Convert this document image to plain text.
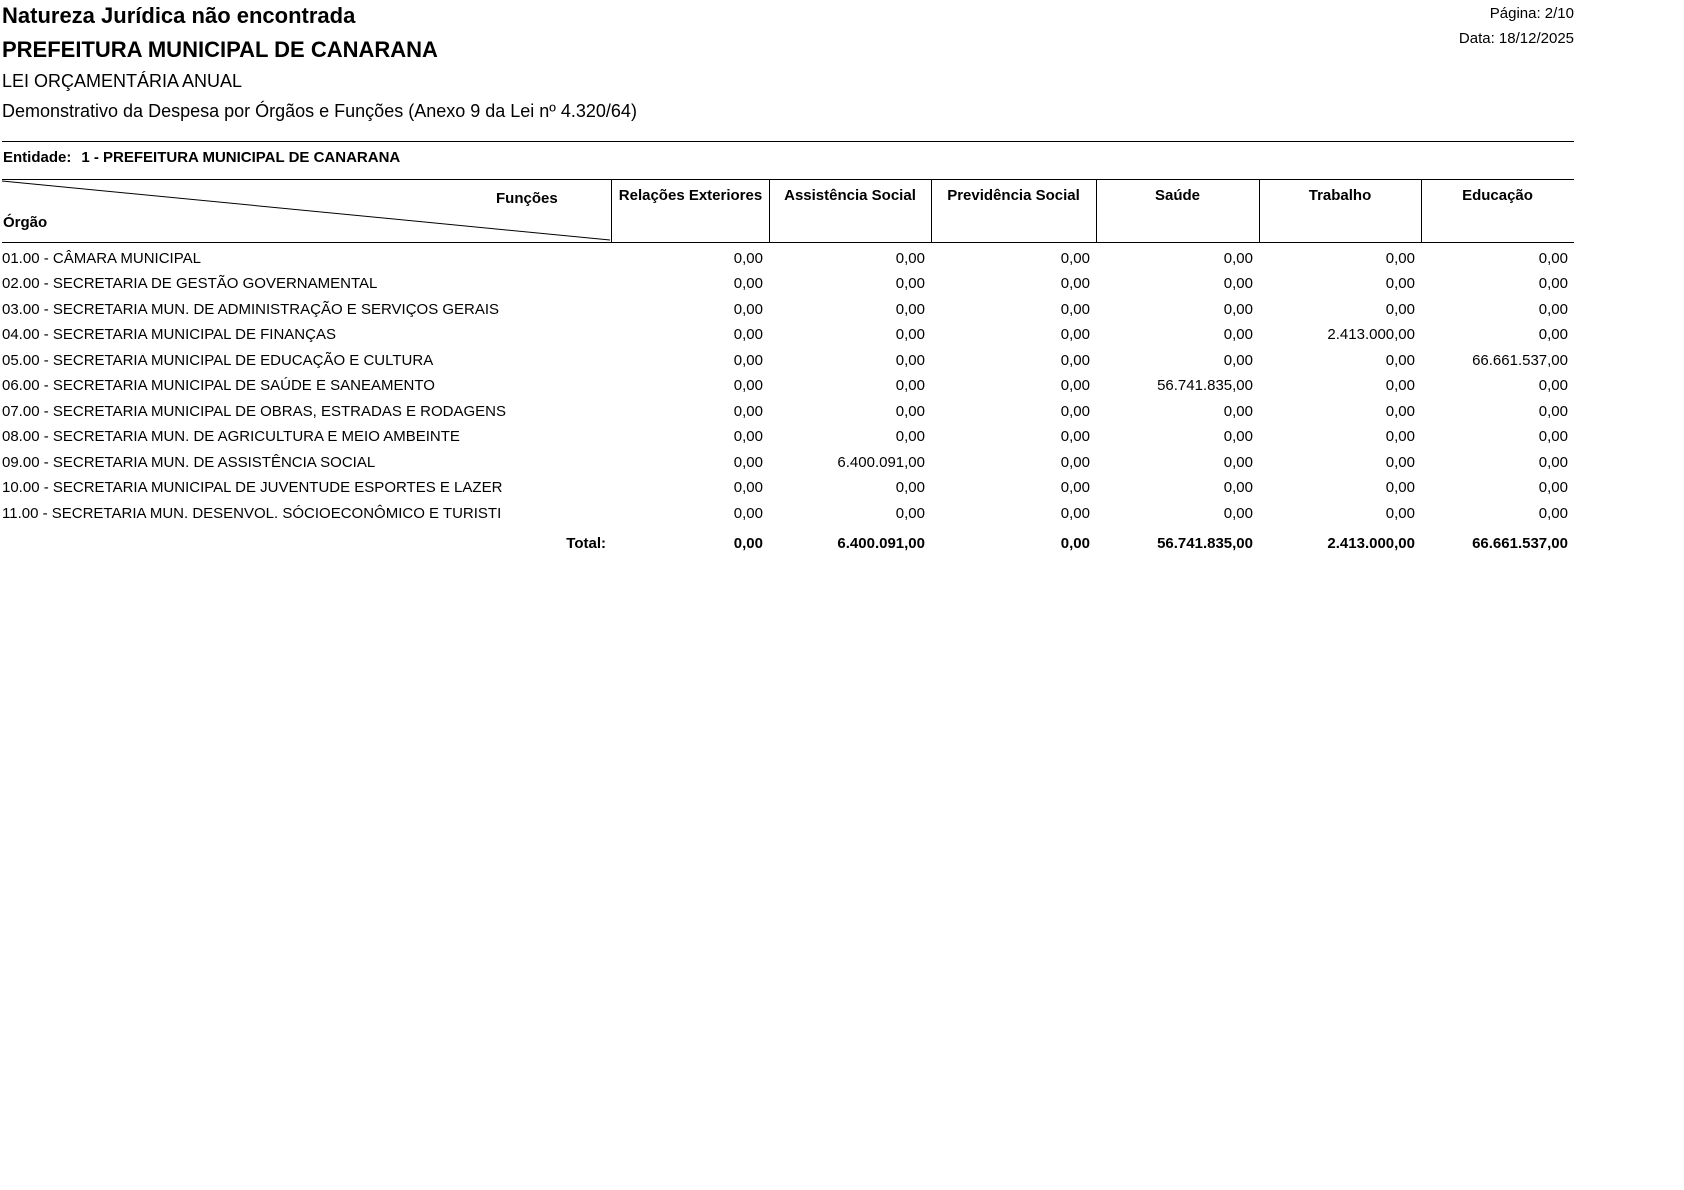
Natureza Jurídica não encontrada
PREFEITURA MUNICIPAL DE CANARANA
LEI ORÇAMENTÁRIA ANUAL
Demonstrativo da Despesa por Órgãos e Funções (Anexo 9 da Lei nº 4.320/64)
Página: 2/10
Data: 18/12/2025
Entidade: 1 - PREFEITURA MUNICIPAL DE CANARANA
Funções
Órgão
Relações Exteriores	Assistência Social	Previdência Social	Saúde	Trabalho	Educação
01.00 - CÂMARA MUNICIPAL	0,00	0,00	0,00	0,00	0,00	0,00
02.00 - SECRETARIA DE GESTÃO GOVERNAMENTAL	0,00	0,00	0,00	0,00	0,00	0,00
03.00 - SECRETARIA MUN. DE ADMINISTRAÇÃO E SERVIÇOS GERAIS	0,00	0,00	0,00	0,00	0,00	0,00
04.00 - SECRETARIA MUNICIPAL DE FINANÇAS	0,00	0,00	0,00	0,00	2.413.000,00	0,00
05.00 - SECRETARIA MUNICIPAL DE EDUCAÇÃO E CULTURA	0,00	0,00	0,00	0,00	0,00	66.661.537,00
06.00 - SECRETARIA MUNICIPAL DE SAÚDE E SANEAMENTO	0,00	0,00	0,00	56.741.835,00	0,00	0,00
07.00 - SECRETARIA MUNICIPAL DE OBRAS, ESTRADAS E RODAGENS	0,00	0,00	0,00	0,00	0,00	0,00
08.00 - SECRETARIA MUN. DE AGRICULTURA E MEIO AMBEINTE	0,00	0,00	0,00	0,00	0,00	0,00
09.00 - SECRETARIA MUN. DE ASSISTÊNCIA SOCIAL	0,00	6.400.091,00	0,00	0,00	0,00	0,00
10.00 - SECRETARIA MUNICIPAL DE JUVENTUDE ESPORTES E LAZER	0,00	0,00	0,00	0,00	0,00	0,00
11.00 - SECRETARIA MUN. DESENVOL. SÓCIOECONÔMICO E TURISTI	0,00	0,00	0,00	0,00	0,00	0,00
Total:	0,00	6.400.091,00	0,00	56.741.835,00	2.413.000,00	66.661.537,00
